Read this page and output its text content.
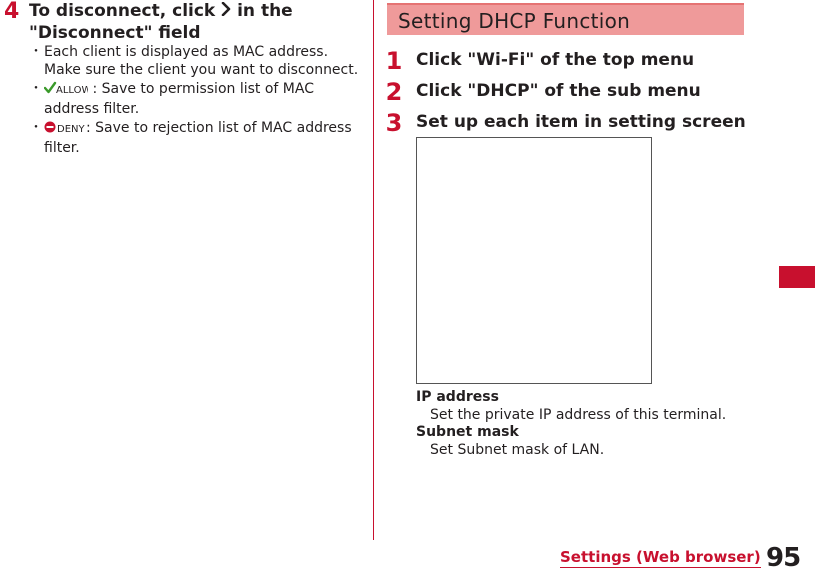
4 To disconnect, click in the
"Disconnect" field
・ Each client is displayed as MAC address. Make sure the client you want to disconnect.
・ ALLOW
: Save to permission list of MAC address filter.
・ DENY : Save to rejection list of MAC address filter.
Setting DHCP Function
1 Click "Wi-Fi" of the top menu
2 Click "DHCP" of the sub menu
3 Set up each item in setting screen
IP address
Set the private IP address of this terminal.
Subnet mask
Set Subnet mask of LAN.
Settings (Web browser) 95
